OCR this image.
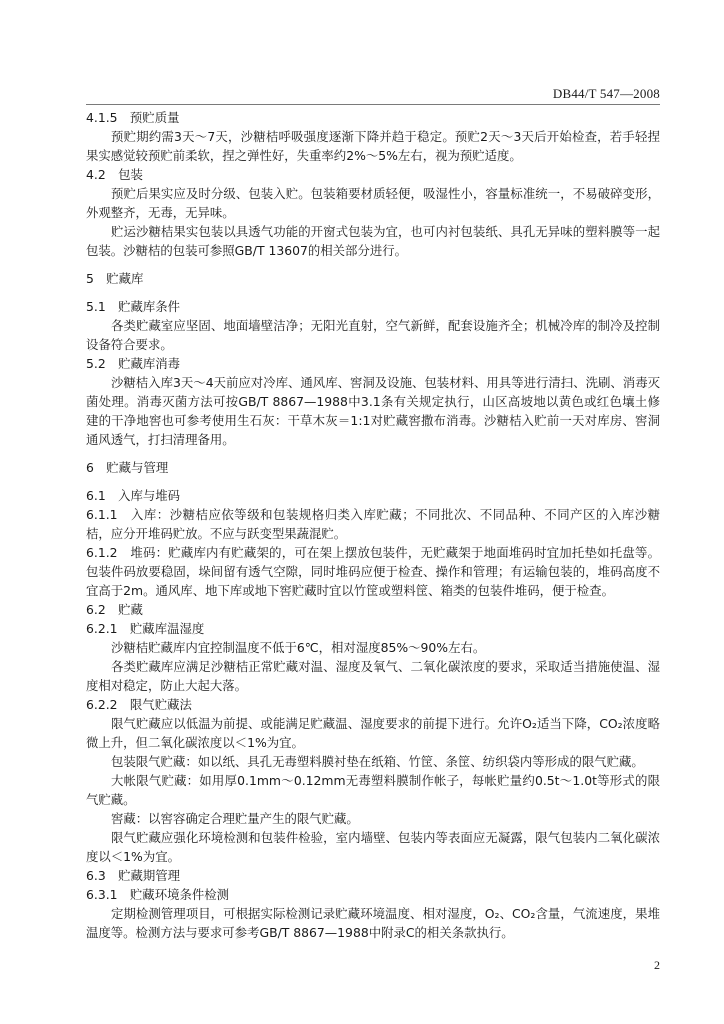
DB44/T 547—2008

4.1.5　预贮质量

预贮期约需3天～7天，沙糖桔呼吸强度逐渐下降并趋于稳定。预贮2天～3天后开始检查，若手轻捏果实感觉较预贮前柔软，捏之弹性好，失重率约2%～5%左右，视为预贮适度。

4.2　包装

预贮后果实应及时分级、包装入贮。包装箱要材质轻便，吸湿性小，容量标准统一，不易破碎变形，外观整齐，无毒，无异味。

贮运沙糖桔果实包装以具透气功能的开窗式包装为宜，也可内衬包装纸、具孔无异味的塑料膜等一起包装。沙糖桔的包装可参照GB/T 13607的相关部分进行。

5　贮藏库

5.1　贮藏库条件

各类贮藏室应坚固、地面墙壁洁净；无阳光直射，空气新鲜，配套设施齐全；机械冷库的制冷及控制设备符合要求。

5.2　贮藏库消毒

沙糖桔入库3天～4天前应对冷库、通风库、窖洞及设施、包装材料、用具等进行清扫、洗刷、消毒灭菌处理。消毒灭菌方法可按GB/T 8867—1988中3.1条有关规定执行，山区高坡地以黄色或红色壤土修建的干净地窖也可参考使用生石灰：干草木灰＝1:1对贮藏窖撒布消毒。沙糖桔入贮前一天对库房、窖洞通风透气，打扫清理备用。

6　贮藏与管理

6.1　入库与堆码

6.1.1　入库：沙糖桔应依等级和包装规格归类入库贮藏；不同批次、不同品种、不同产区的入库沙糖桔，应分开堆码贮放。不应与跃变型果蔬混贮。

6.1.2　堆码：贮藏库内有贮藏架的，可在架上摆放包装件，无贮藏架于地面堆码时宜加托垫如托盘等。包装件码放要稳固，垛间留有透气空隙，同时堆码应便于检查、操作和管理；有运输包装的，堆码高度不宜高于2m。通风库、地下库或地下窖贮藏时宜以竹筐或塑料筐、箱类的包装件堆码，便于检查。

6.2　贮藏

6.2.1　贮藏库温湿度

沙糖桔贮藏库内宜控制温度不低于6℃，相对湿度85%～90%左右。

各类贮藏库应满足沙糖桔正常贮藏对温、湿度及氧气、二氧化碳浓度的要求，采取适当措施使温、湿度相对稳定，防止大起大落。

6.2.2　限气贮藏法

限气贮藏应以低温为前提、或能满足贮藏温、湿度要求的前提下进行。允许O₂适当下降，CO₂浓度略微上升，但二氧化碳浓度以＜1%为宜。

包装限气贮藏：如以纸、具孔无毒塑料膜衬垫在纸箱、竹筐、条筐、纺织袋内等形成的限气贮藏。

大帐限气贮藏：如用厚0.1mm～0.12mm无毒塑料膜制作帐子，每帐贮量约0.5t～1.0t等形式的限气贮藏。

窖藏：以窖容确定合理贮量产生的限气贮藏。

限气贮藏应强化环境检测和包装件检验，室内墙壁、包装内等表面应无凝露，限气包装内二氧化碳浓度以＜1%为宜。

6.3　贮藏期管理

6.3.1　贮藏环境条件检测

定期检测管理项目，可根据实际检测记录贮藏环境温度、相对湿度，O₂、CO₂含量，气流速度，果堆温度等。检测方法与要求可参考GB/T 8867—1988中附录C的相关条款执行。

2
